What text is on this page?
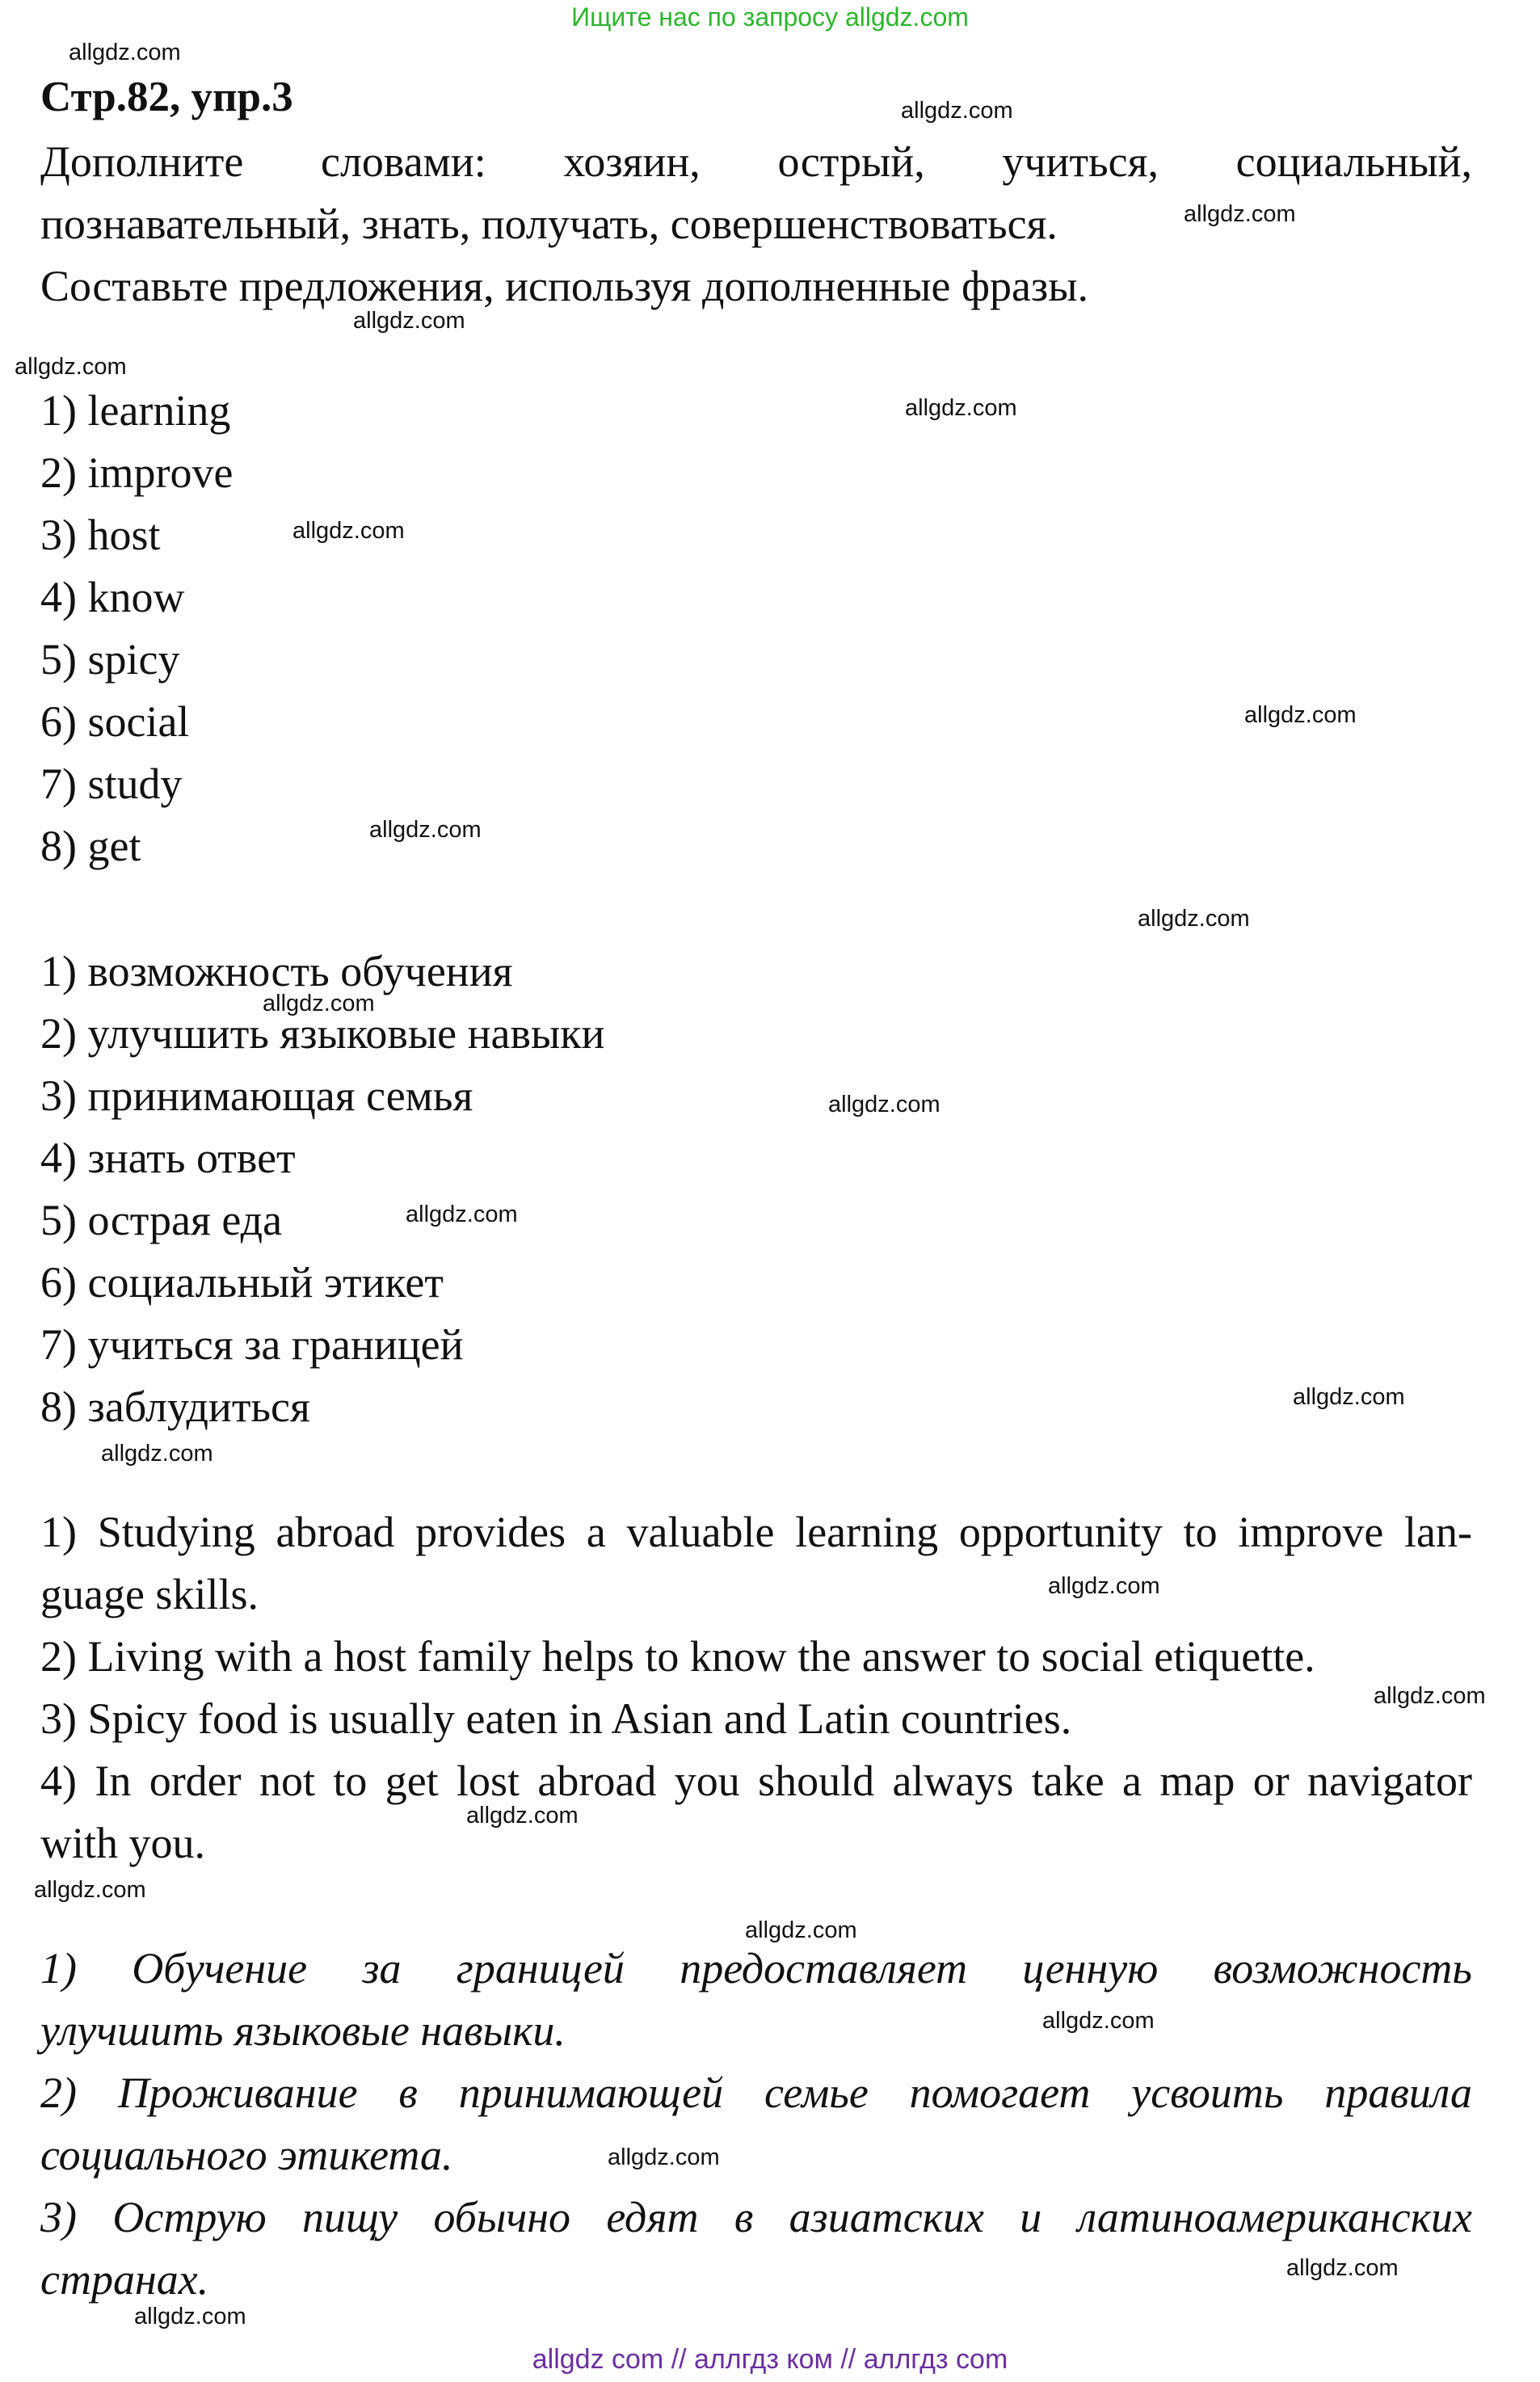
Ищите нас по запросу allgdz.com
allgdz.com
allgdz.com
allgdz.com
allgdz.com
allgdz.com
allgdz.com
allgdz.com
allgdz.com
allgdz.com
allgdz.com
allgdz.com
allgdz.com
allgdz.com
allgdz.com
allgdz.com
allgdz.com
allgdz.com
allgdz.com
allgdz.com
allgdz.com
allgdz.com
allgdz.com
allgdz.com
allgdz.com
Стр.82, упр.3
Дополните словами: хозяин, острый, учиться, социальный,
познавательный, знать, получать, совершенствоваться.
Составьте предложения, используя дополненные фразы.
1) learning
2) improve
3) host
4) know
5) spicy
6) social
7) study
8) get
1) возможность обучения
2) улучшить языковые навыки
3) принимающая семья
4) знать ответ
5) острая еда
6) социальный этикет
7) учиться за границей
8) заблудиться
1) Studying abroad provides a valuable learning opportunity to improve lan-
guage skills.
2) Living with a host family helps to know the answer to social etiquette.
3) Spicy food is usually eaten in Asian and Latin countries.
4) In order not to get lost abroad you should always take a map or navigator
with you.
1) Обучение за границей предоставляет ценную возможность
улучшить языковые навыки.
2) Проживание в принимающей семье помогает усвоить правила
социального этикета.
3) Острую пищу обычно едят в азиатских и латиноамериканских
странах.
allgdz com // аллгдз ком // аллгдз com
